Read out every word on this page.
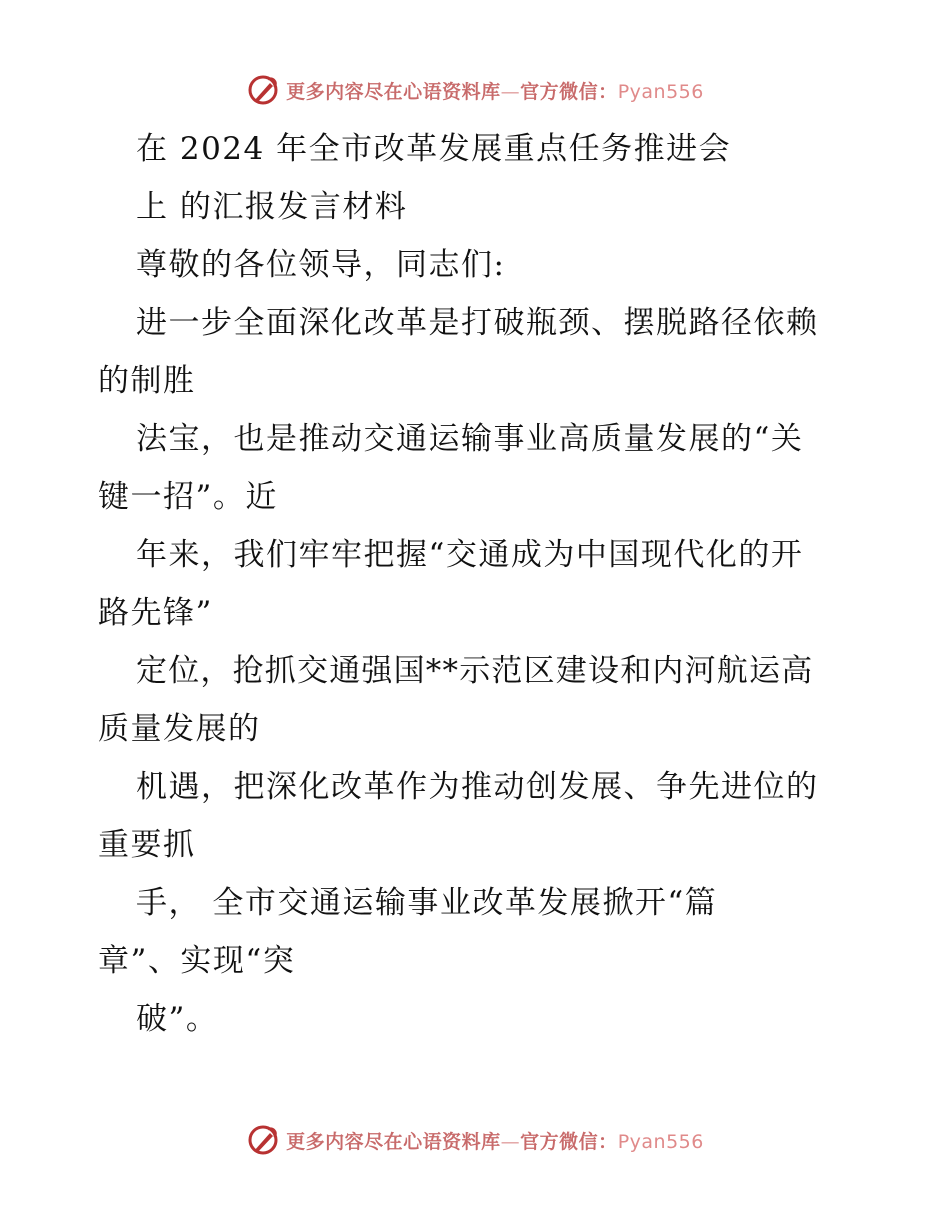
更多内容尽在心语资料库—官方微信：Pyan556
在 2024 年全市改革发展重点任务推进会
上 的汇报发言材料
尊敬的各位领导，同志们:
进一步全面深化改革是打破瓶颈、摆脱路径依赖
的制胜
法宝，也是推动交通运输事业高质量发展的“关
键一招”。近
年来，我们牢牢把握“交通成为中国现代化的开
路先锋”
定位，抢抓交通强国**示范区建设和内河航运高
质量发展的
机遇，把深化改革作为推动创发展、争先进位的
重要抓
手， 全市交通运输事业改革发展掀开“篇
章”、实现“突
破”。
更多内容尽在心语资料库—官方微信：Pyan556
